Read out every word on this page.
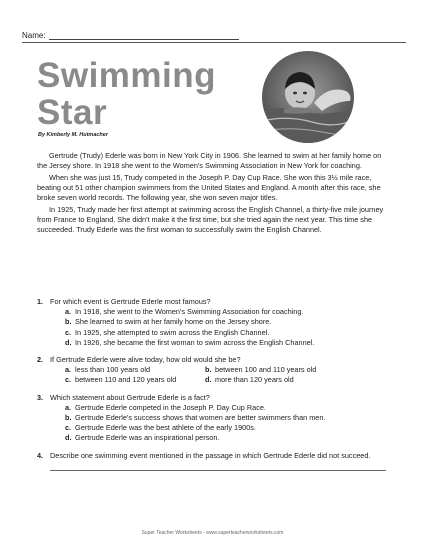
Name:
Swimming
Star
By Kimberly M. Hutmacher

Gertrude (Trudy) Ederle was born in New York City in 1906. She learned to swim at her family home on the Jersey shore. In 1918 she went to the Women's Swimming Association in New York for coaching.

When she was just 15, Trudy competed in the Joseph P. Day Cup Race. She won this 3½ mile race, beating out 51 other champion swimmers from the United States and England. A month after this race, she broke seven world records. The following year, she won seven major titles.

In 1925, Trudy made her first attempt at swimming across the English Channel, a thirty-five mile journey from France to England. She didn't make it the first time, but she tried again the next year. This time she succeeded. Trudy Ederle was the first woman to successfully swim the English Channel.

1. For which event is Gertrude Ederle most famous?
a. In 1918, she went to the Women's Swimming Association for coaching.
b. She learned to swim at her family home on the Jersey shore.
c. In 1925, she attempted to swim across the English Channel.
d. In 1926, she became the first woman to swim across the English Channel.
2. If Gertrude Ederle were alive today, how old would she be?
a. less than 100 years old	b. between 100 and 110 years old
c. between 110 and 120 years old	d. more than 120 years old
3. Which statement about Gertrude Ederle is a fact?
a. Gertrude Ederle competed in the Joseph P. Day Cup Race.
b. Gertrude Ederle's success shows that women are better swimmers than men.
c. Gertrude Ederle was the best athlete of the early 1900s.
d. Gertrude Ederle was an inspirational person.
4. Describe one swimming event mentioned in the passage in which Gertrude Ederle did not succeed.
Super Teacher Worksheets - www.superteacherworksheets.com
